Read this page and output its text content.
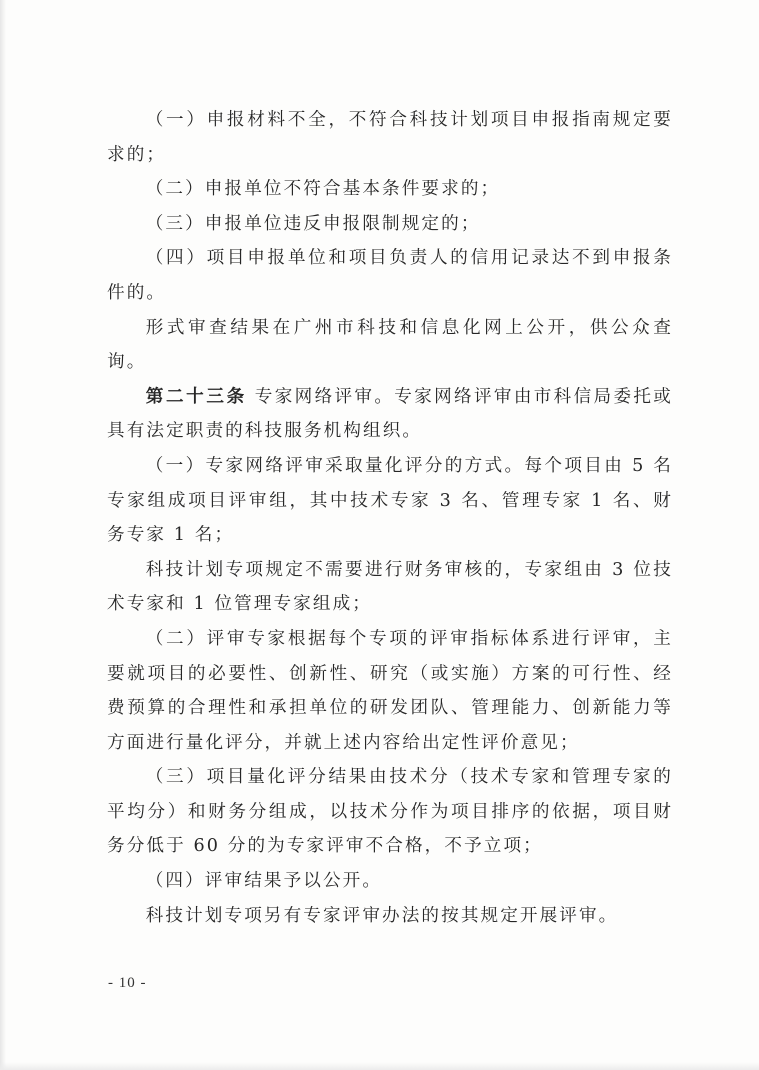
（一）申报材料不全，不符合科技计划项目申报指南规定要求的；

（二）申报单位不符合基本条件要求的；

（三）申报单位违反申报限制规定的；

（四）项目申报单位和项目负责人的信用记录达不到申报条件的。

形式审查结果在广州市科技和信息化网上公开，供公众查询。

第二十三条 专家网络评审。专家网络评审由市科信局委托或具有法定职责的科技服务机构组织。

（一）专家网络评审采取量化评分的方式。每个项目由 5 名专家组成项目评审组，其中技术专家 3 名、管理专家 1 名、财务专家 1 名；

科技计划专项规定不需要进行财务审核的，专家组由 3 位技术专家和 1 位管理专家组成；

（二）评审专家根据每个专项的评审指标体系进行评审，主要就项目的必要性、创新性、研究（或实施）方案的可行性、经费预算的合理性和承担单位的研发团队、管理能力、创新能力等方面进行量化评分，并就上述内容给出定性评价意见；

（三）项目量化评分结果由技术分（技术专家和管理专家的平均分）和财务分组成，以技术分作为项目排序的依据，项目财务分低于 60 分的为专家评审不合格，不予立项；

（四）评审结果予以公开。

科技计划专项另有专家评审办法的按其规定开展评审。

- 10 -
